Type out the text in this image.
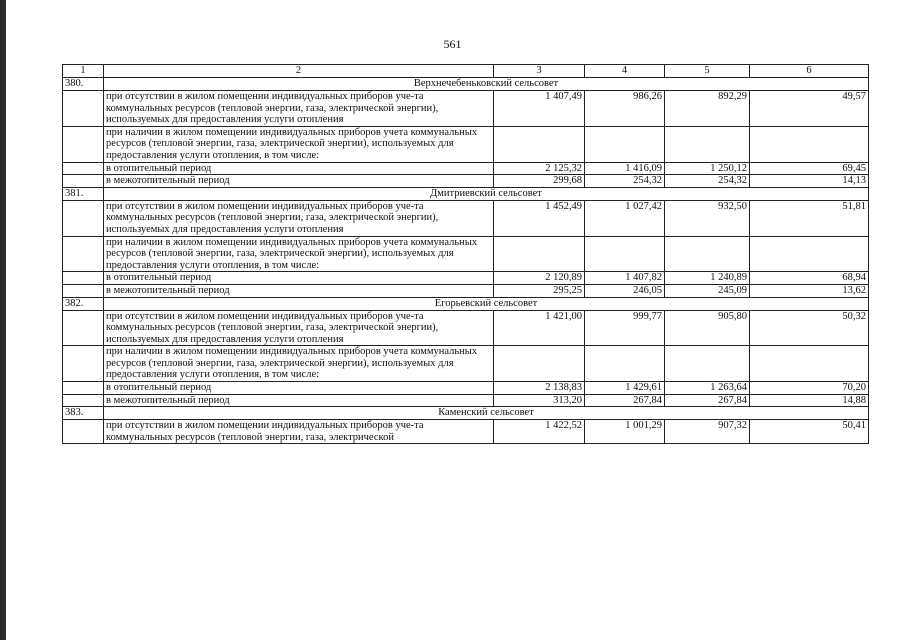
561
1	2	3	4	5	6
380.	Верхнечебеньковский сельсовет				
	при отсутствии в жилом помещении индивидуальных приборов уче-та коммунальных ресурсов (тепловой энергии, газа, электрической энергии), используемых для предоставления услуги отопления	1 407,49	986,26	892,29	49,57
	при наличии в жилом помещении индивидуальных приборов учета коммунальных ресурсов (тепловой энергии, газа, электрической энергии), используемых для предоставления услуги отопления, в том числе:				
	в отопительный период	2 125,32	1 416,09	1 250,12	69,45
	в межотопительный период	299,68	254,32	254,32	14,13
381.	Дмитриевский сельсовет				
	при отсутствии в жилом помещении индивидуальных приборов уче-та коммунальных ресурсов (тепловой энергии, газа, электрической энергии), используемых для предоставления услуги отопления	1 452,49	1 027,42	932,50	51,81
	при наличии в жилом помещении индивидуальных приборов учета коммунальных ресурсов (тепловой энергии, газа, электрической энергии), используемых для предоставления услуги отопления, в том числе:				
	в отопительный период	2 120,89	1 407,82	1 240,89	68,94
	в межотопительный период	295,25	246,05	245,09	13,62
382.	Егорьевский сельсовет				
	при отсутствии в жилом помещении индивидуальных приборов уче-та коммунальных ресурсов (тепловой энергии, газа, электрической энергии), используемых для предоставления услуги отопления	1 421,00	999,77	905,80	50,32
	при наличии в жилом помещении индивидуальных приборов учета коммунальных ресурсов (тепловой энергии, газа, электрической энергии), используемых для предоставления услуги отопления, в том числе:				
	в отопительный период	2 138,83	1 429,61	1 263,64	70,20
	в межотопительный период	313,20	267,84	267,84	14,88
383.	Каменский сельсовет				
	при отсутствии в жилом помещении индивидуальных приборов уче-та коммунальных ресурсов (тепловой энергии, газа, электрической	1 422,52	1 001,29	907,32	50,41
